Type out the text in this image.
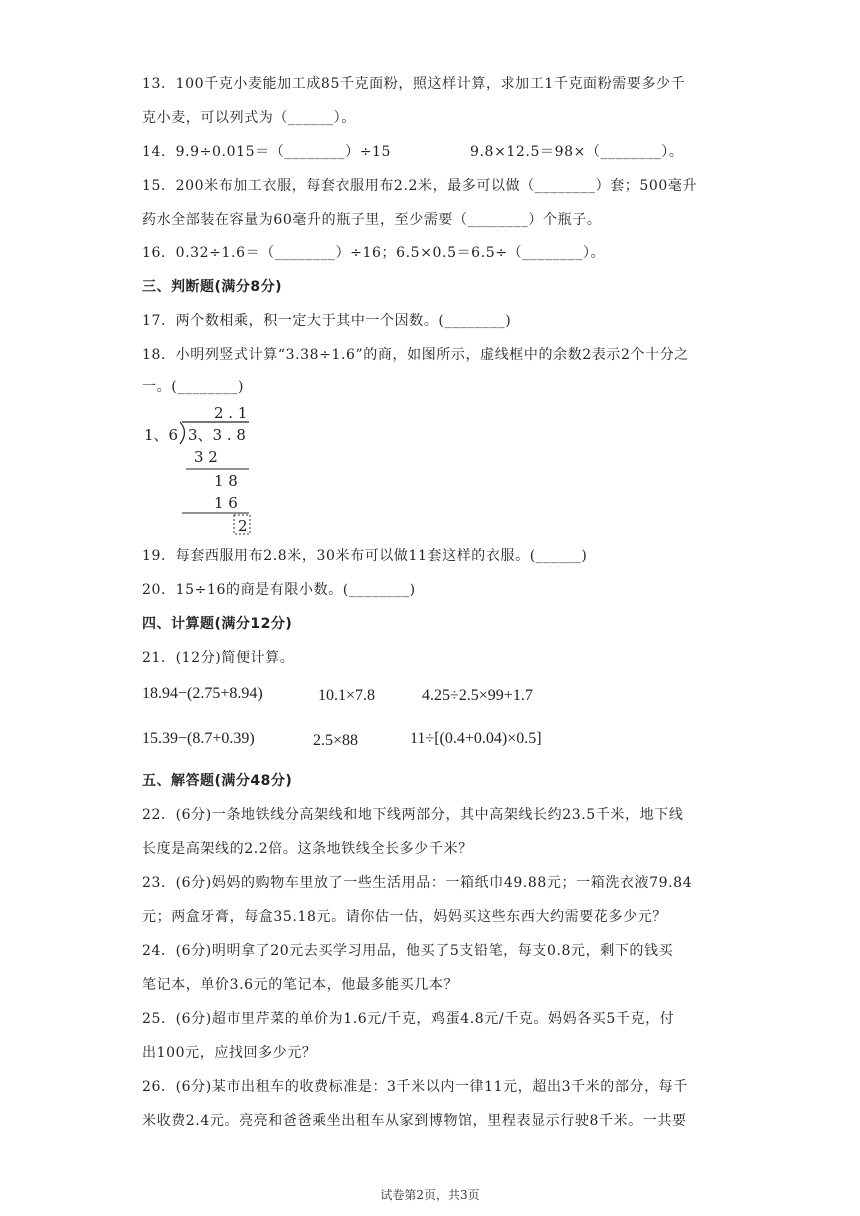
13．100千克小麦能加工成85千克面粉，照这样计算，求加工1千克面粉需要多少千
克小麦，可以列式为（______）。
14．9.9÷0.015＝（________）÷15	9.8×12.5＝98×（________）。
15．200米布加工衣服，每套衣服用布2.2米，最多可以做（________）套；500毫升
药水全部装在容量为60毫升的瓶子里，至少需要（________）个瓶子。
16．0.32÷1.6＝（________）÷16；6.5×0.5＝6.5÷（________）。
三、判断题(满分8分)
17．两个数相乘，积一定大于其中一个因数。(________)
18．小明列竖式计算“3.38÷1.6”的商，如图所示，虚线框中的余数2表示2个十分之
一。(________)
2 . 1
1、6 3、3 . 8
3 2
1 8
1 6
2
19．每套西服用布2.8米，30米布可以做11套这样的衣服。(______)
20．15÷16的商是有限小数。(________)
四、计算题(满分12分)
21．(12分)简便计算。
18.94−(2.75+8.94)	10.1×7.8	4.25÷2.5×99+1.7
15.39−(8.7+0.39)	2.5×88	11÷[(0.4+0.04)×0.5]
五、解答题(满分48分)
22．(6分)一条地铁线分高架线和地下线两部分，其中高架线长约23.5千米，地下线
长度是高架线的2.2倍。这条地铁线全长多少千米？
23．(6分)妈妈的购物车里放了一些生活用品：一箱纸巾49.88元；一箱洗衣液79.84
元；两盒牙膏，每盒35.18元。请你估一估，妈妈买这些东西大约需要花多少元？
24．(6分)明明拿了20元去买学习用品，他买了5支铅笔，每支0.8元，剩下的钱买
笔记本，单价3.6元的笔记本，他最多能买几本？
25．(6分)超市里芹菜的单价为1.6元/千克，鸡蛋4.8元/千克。妈妈各买5千克，付
出100元，应找回多少元？
26．(6分)某市出租车的收费标准是：3千米以内一律11元，超出3千米的部分，每千
米收费2.4元。亮亮和爸爸乘坐出租车从家到博物馆，里程表显示行驶8千米。一共要
试卷第2页，共3页
